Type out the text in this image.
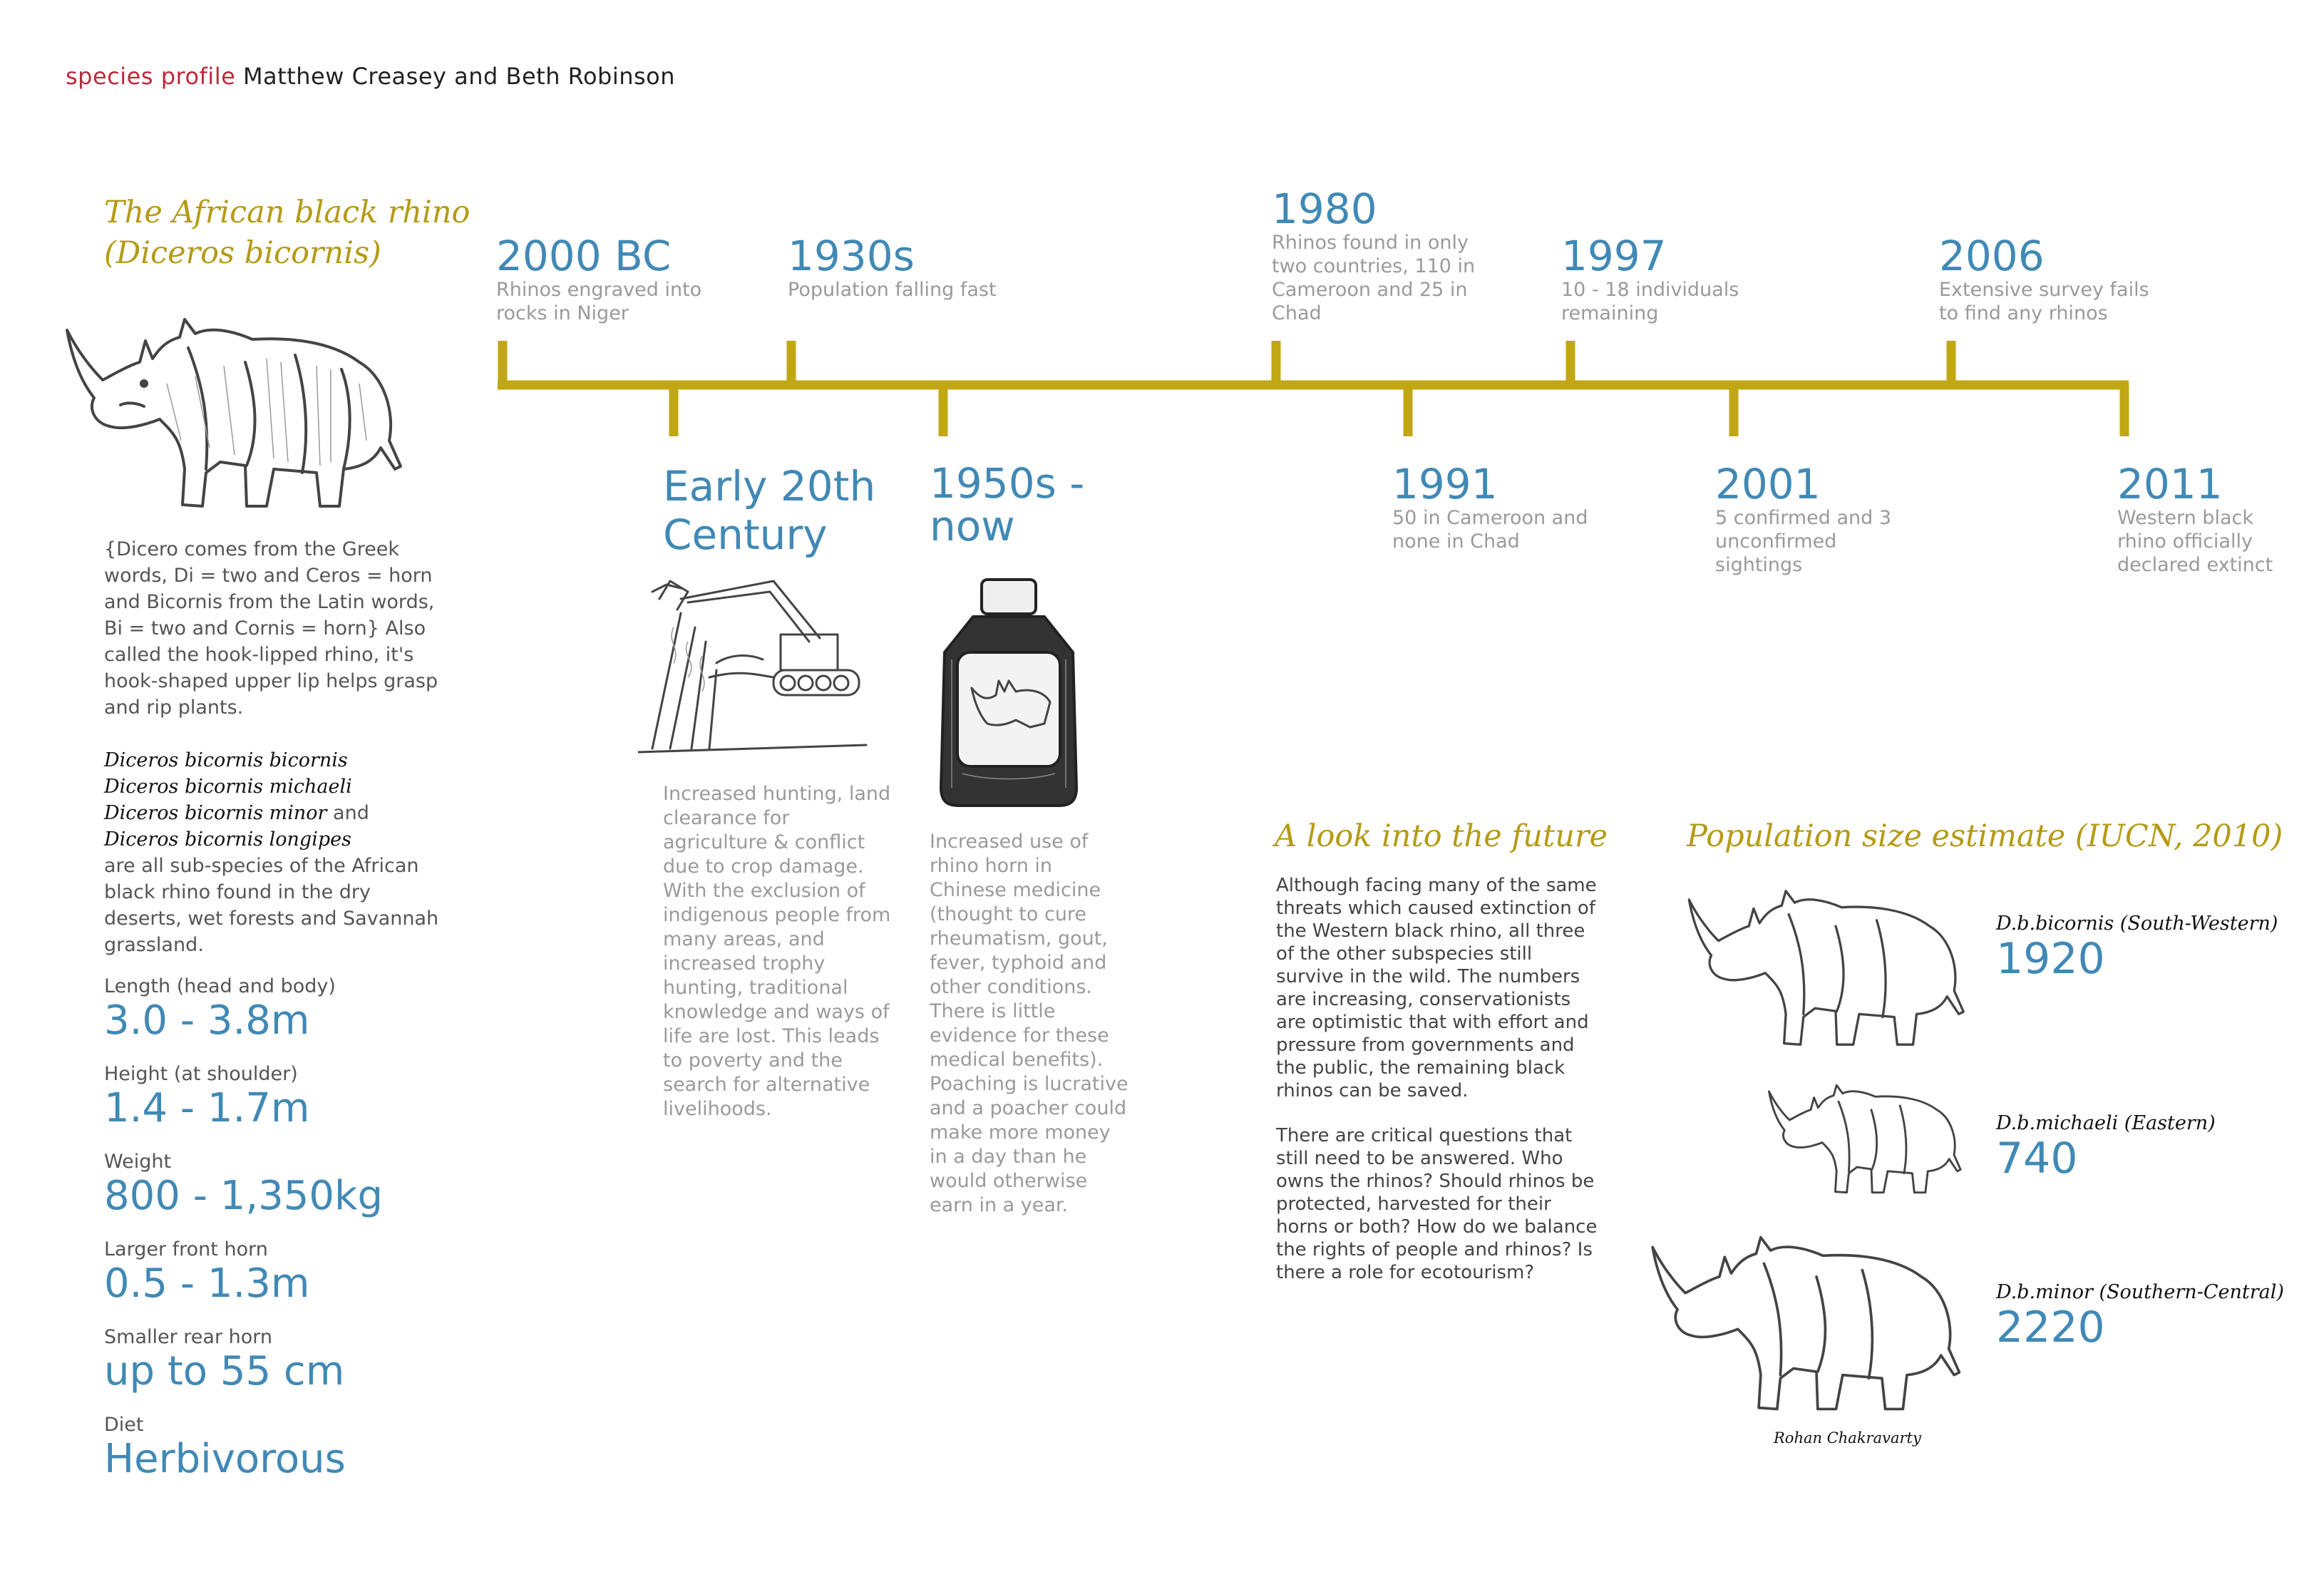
species profile Matthew Creasey and Beth Robinson
The African black rhino
(Diceros bicornis)
{Dicero comes from the Greek words, Di = two and Ceros = horn and Bicornis from the Latin words, Bi = two and Cornis = horn} Also called the hook-lipped rhino, it's hook-shaped upper lip helps grasp and rip plants.
Diceros bicornis bicornis
Diceros bicornis michaeli
Diceros bicornis minor and
Diceros bicornis longipes
are all sub-species of the African black rhino found in the dry deserts, wet forests and Savannah grassland.
Length (head and body)
3.0 - 3.8m
Height (at shoulder)
1.4 - 1.7m
Weight
800 - 1,350kg
Larger front horn
0.5 - 1.3m
Smaller rear horn
up to 55 cm
Diet
Herbivorous
2000 BC
Rhinos engraved into rocks in Niger
1930s
Population falling fast
1980
Rhinos found in only two countries, 110 in Cameroon and 25 in Chad
1997
10 - 18 individuals remaining
2006
Extensive survey fails to find any rhinos
Early 20th Century
Increased hunting, land clearance for agriculture & conflict due to crop damage. With the exclusion of indigenous people from many areas, and increased trophy hunting, traditional knowledge and ways of life are lost. This leads to poverty and the search for alternative livelihoods.
1950s - now
Increased use of rhino horn in Chinese medicine (thought to cure rheumatism, gout, fever, typhoid and other conditions. There is little evidence for these medical benefits). Poaching is lucrative and a poacher could make more money in a day than he would otherwise earn in a year.
1991
50 in Cameroon and none in Chad
2001
5 confirmed and 3 unconfirmed sightings
2011
Western black rhino officially declared extinct
A look into the future
Although facing many of the same threats which caused extinction of the Western black rhino, all three of the other subspecies still survive in the wild. The numbers are increasing, conservationists are optimistic that with effort and pressure from governments and the public, the remaining black rhinos can be saved.
There are critical questions that still need to be answered. Who owns the rhinos? Should rhinos be protected, harvested for their horns or both? How do we balance the rights of people and rhinos? Is there a role for ecotourism?
Population size estimate (IUCN, 2010)
D.b.bicornis (South-Western)
1920
D.b.michaeli (Eastern)
740
D.b.minor (Southern-Central)
2220
Rohan Chakravarty
